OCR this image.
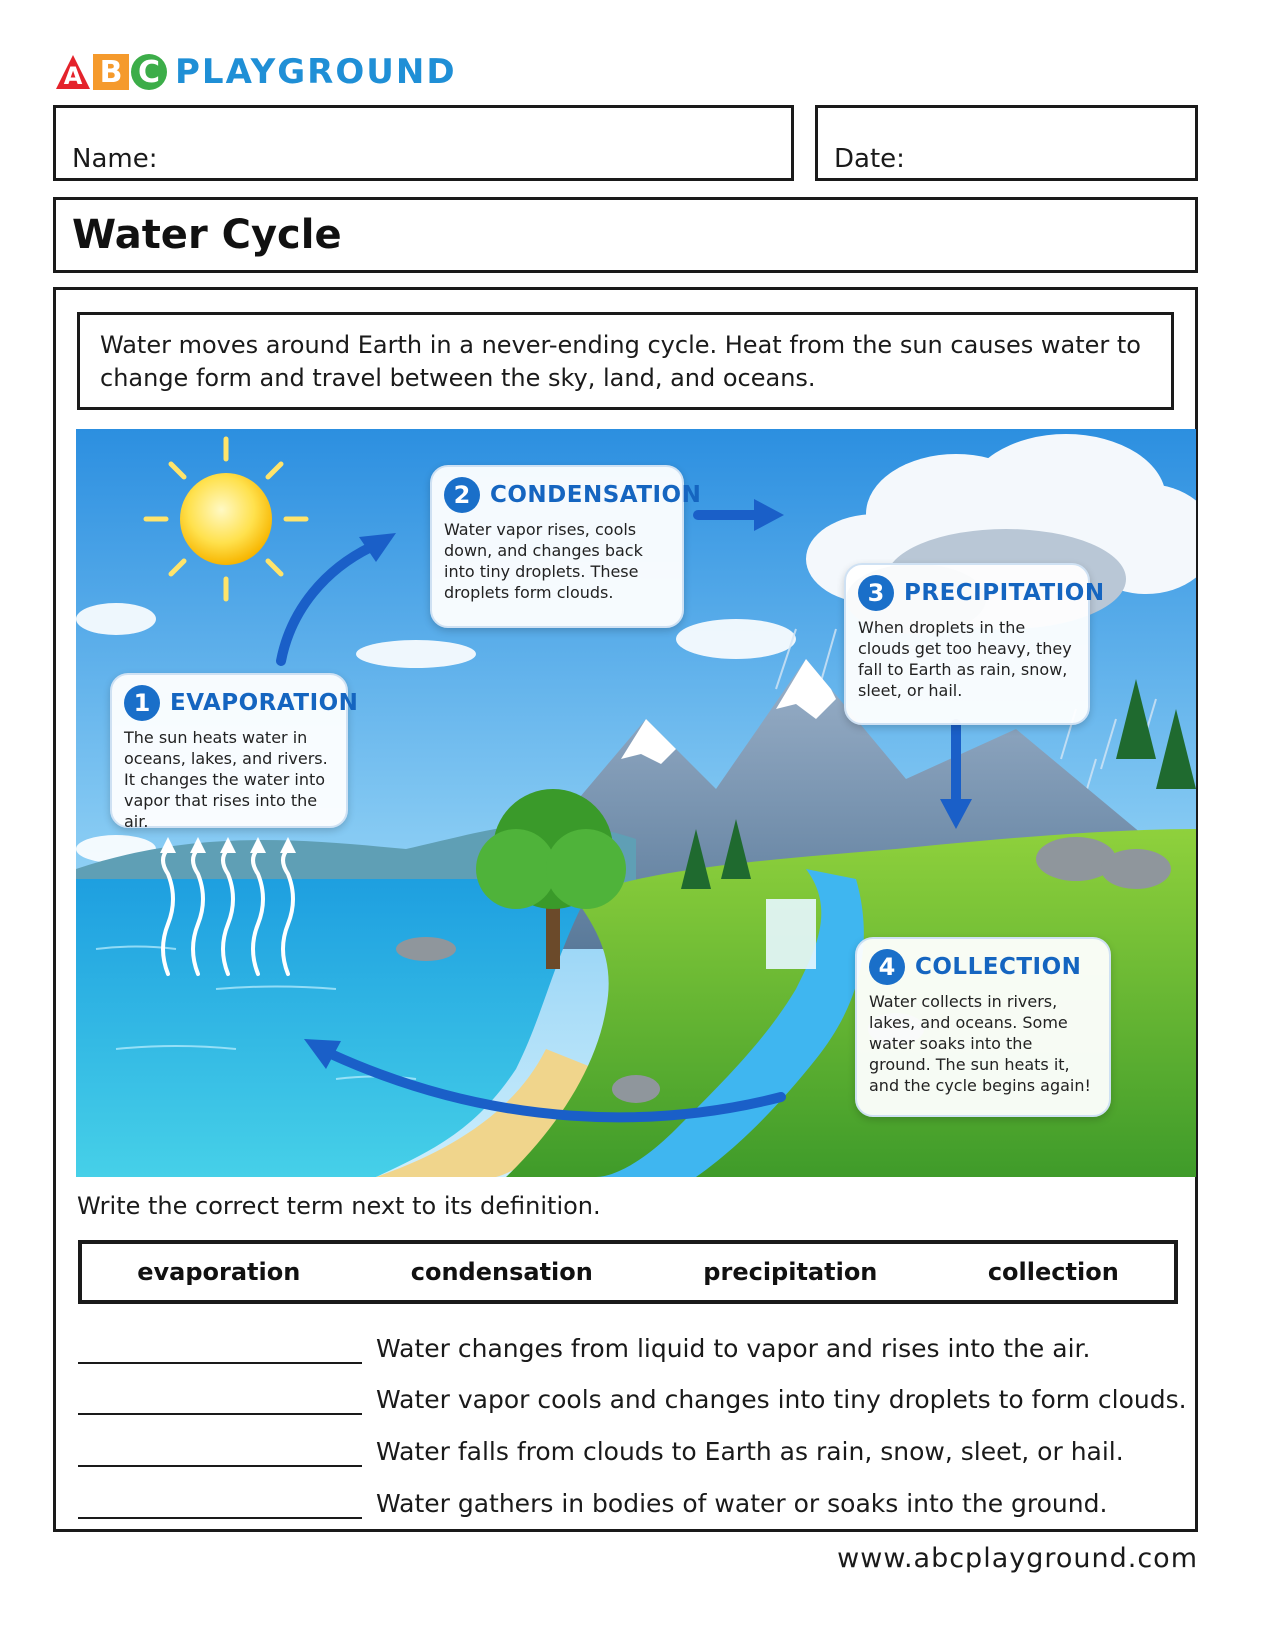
A B C PLAYGROUND
Name:	Date:
Water Cycle
Water moves around Earth in a never-ending cycle. Heat from the sun causes water to change form and travel between the sky, land, and oceans.
1 EVAPORATION
The sun heats water in oceans, lakes, and rivers. It changes the water into vapor that rises into the air.
2 CONDENSATION
Water vapor rises, cools down, and changes back into tiny droplets. These droplets form clouds.	3 PRECIPITATION
When droplets in the clouds get too heavy, they fall to Earth as rain, snow, sleet, or hail.
4 COLLECTION
Water collects in rivers, lakes, and oceans. Some water soaks into the ground. The sun heats it, and the cycle begins again!
Write the correct term next to its definition.
evaporation	condensation	precipitation	collection
Water changes from liquid to vapor and rises into the air.
Water vapor cools and changes into tiny droplets to form clouds.
Water falls from clouds to Earth as rain, snow, sleet, or hail.
Water gathers in bodies of water or soaks into the ground.
www.abcplayground.com
